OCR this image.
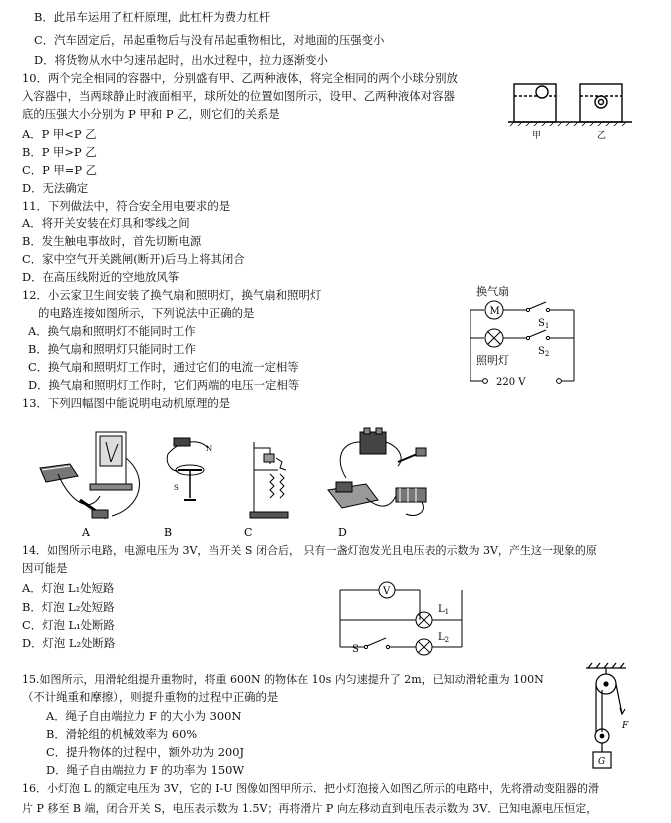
B．此吊车运用了杠杆原理，此杠杆为费力杠杆
C．汽车固定后，吊起重物后与没有吊起重物相比，对地面的压强变小
D．将货物从水中匀速吊起时，出水过程中，拉力逐渐变小
10．两个完全相同的容器中，分别盛有甲、乙两种液体，将完全相同的两个小球分别放
入容器中，当两球静止时液面相平，球所处的位置如图所示，设甲、乙两种液体对容器
底的压强大小分别为 P 甲和 P 乙，则它们的关系是
A．P 甲<P 乙
B．P 甲>P 乙
C．P 甲=P 乙
D．无法确定
11．下列做法中，符合安全用电要求的是
A．将开关安装在灯具和零线之间
B．发生触电事故时，首先切断电源
C．家中空气开关跳闸(断开)后马上将其闭合
D．在高压线附近的空地放风筝
12．小云家卫生间安装了换气扇和照明灯，换气扇和照明灯
的电路连接如图所示，下列说法中正确的是
A．换气扇和照明灯不能同时工作
B．换气扇和照明灯只能同时工作
C．换气扇和照明灯工作时，通过它们的电流一定相等
D．换气扇和照明灯工作时，它们两端的电压一定相等
13．下列四幅图中能说明电动机原理的是
14．如图所示电路，电源电压为 3V，当开关 S 闭合后， 只有一盏灯泡发光且电压表的示数为 3V，产生这一现象的原
因可能是
A．灯泡 L₁处短路
B．灯泡 L₂处短路
C．灯泡 L₁处断路
D．灯泡 L₂处断路
15.如图所示，用滑轮组提升重物时，将重 600N 的物体在 10s 内匀速提升了 2m，已知动滑轮重为 100N
（不计绳重和摩擦），则提升重物的过程中正确的是
A．绳子自由端拉力 F 的大小为 300N
B．滑轮组的机械效率为 60%
C．提升物体的过程中，额外功为 200J
D．绳子自由端拉力 F 的功率为 150W
16．小灯泡 L 的额定电压为 3V，它的 I-U 图像如图甲所示．把小灯泡接入如图乙所示的电路中，先将滑动变阻器的滑
片 P 移至 B 端，闭合开关 S，电压表示数为 1.5V；再将滑片 P 向左移动直到电压表示数为 3V．已知电源电压恒定，
甲	乙
换气扇
M
$S_1$
$S_2$
照明灯
220 V
N
S
A	B	C	D
V
$L_1$
$L_2$
S
F
G
